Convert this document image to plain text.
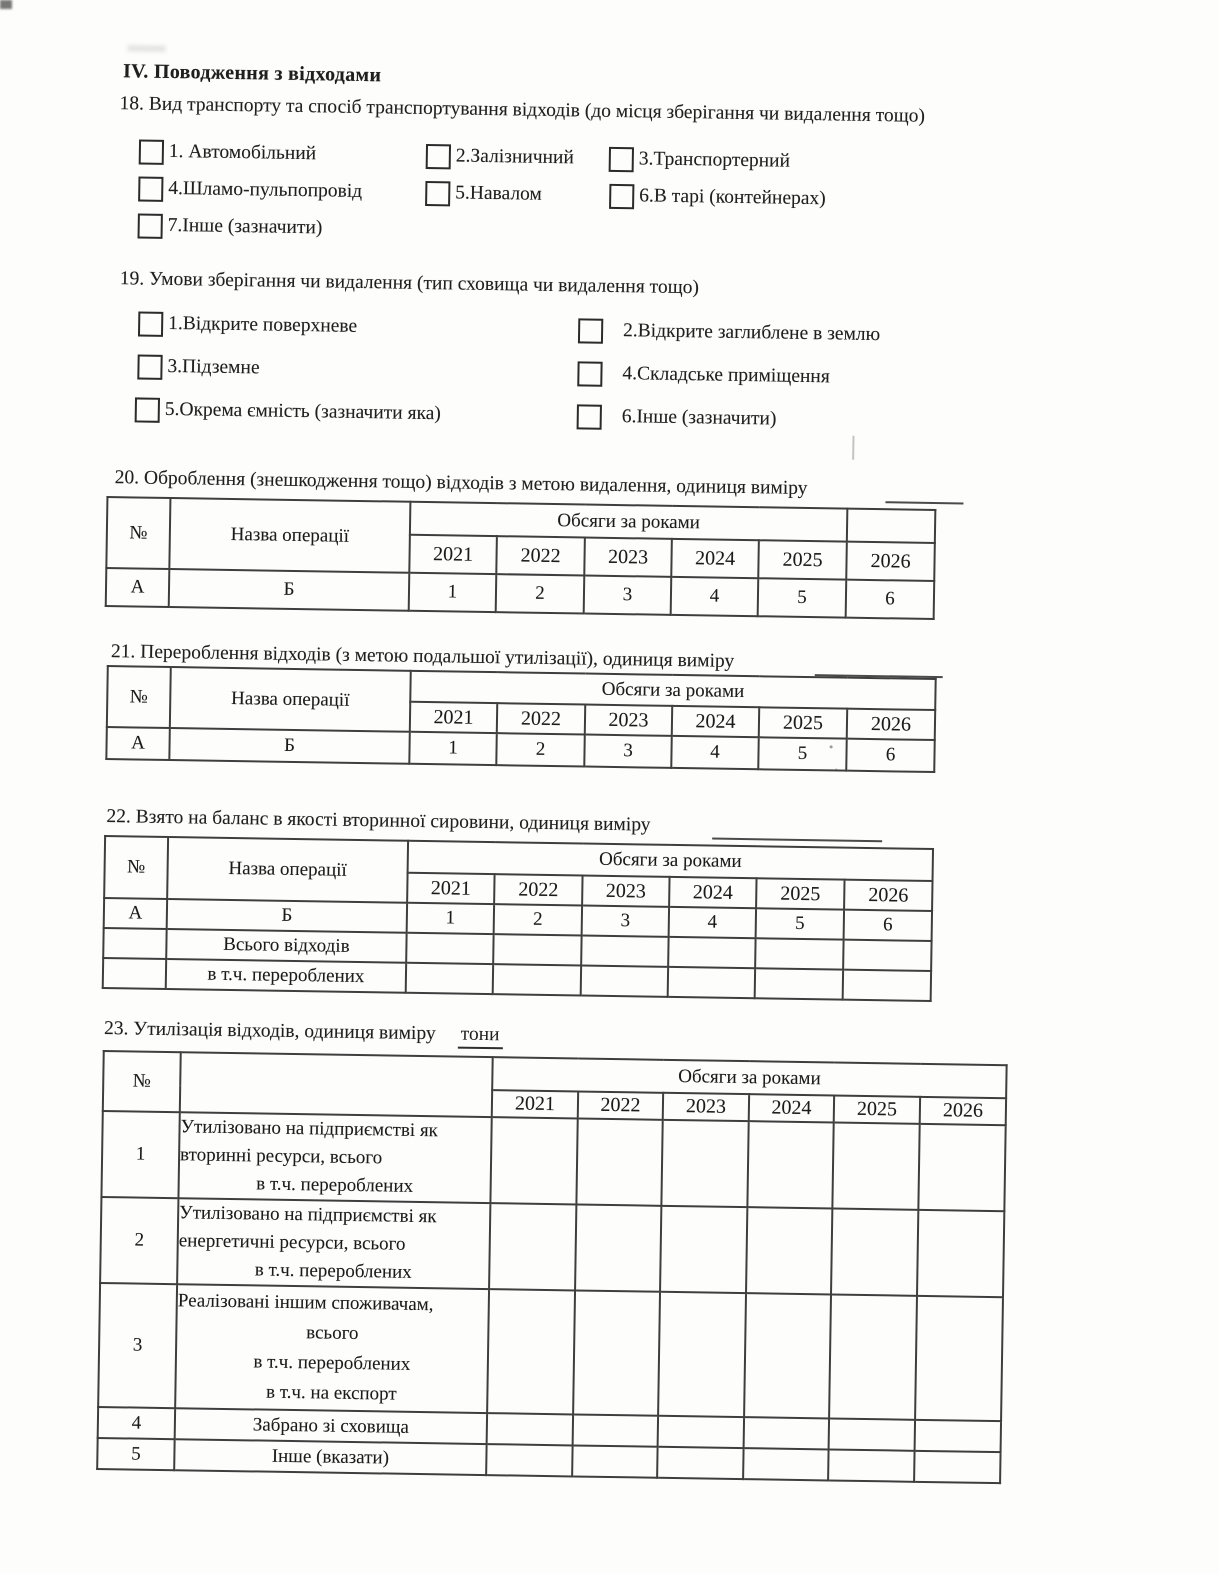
IV. Поводження з відходами
18. Вид транспорту та спосіб транспортування відходів (до місця зберігання чи видалення тощо)
1. Автомобільний	2.Залізничний	3.Транспортерний
4.Шламо-пульпопровід	5.Навалом	6.В тарі (контейнерах)
7.Інше (зазначити)
19. Умови зберігання чи видалення (тип сховища чи видалення тощо)
1.Відкрите поверхневе	2.Відкрите заглиблене в землю
3.Підземне	4.Складське приміщення
5.Окрема ємність (зазначити яка)	6.Інше (зазначити)
20. Оброблення (знешкодження тощо) відходів з метою видалення, одиниця виміру
№	Назва операції	Обсяги за роками					
		2021	2022	2023	2024	2025	2026
А	Б	1	2	3	4	5	6
21. Перероблення відходів (з метою подальшої утилізації), одиниця виміру
№	Назва операції	Обсяги за роками					
		2021	2022	2023	2024	2025	2026
А	Б	1	2	3	4	5	6
22. Взято на баланс в якості вторинної сировини, одиниця виміру
№	Назва операції	Обсяги за роками					
		2021	2022	2023	2024	2025	2026
А	Б	1	2	3	4	5	6
	Всього відходів						
	в т.ч. перероблених						
23. Утилізація відходів, одиниця виміру тони
№		Обсяги за роками					
		2021	2022	2023	2024	2025	2026
1	Утилізовано на підприємстві як
вторинні ресурси, всього
в т.ч. перероблених						

2	Утилізовано на підприємстві як
енергетичні ресурси, всього
в т.ч. перероблених						

3	Реалізовані іншим споживачам,
всього
в т.ч. перероблених
в т.ч. на експорт						

4	Забрано зі сховища						
5	Інше (вказати)						
